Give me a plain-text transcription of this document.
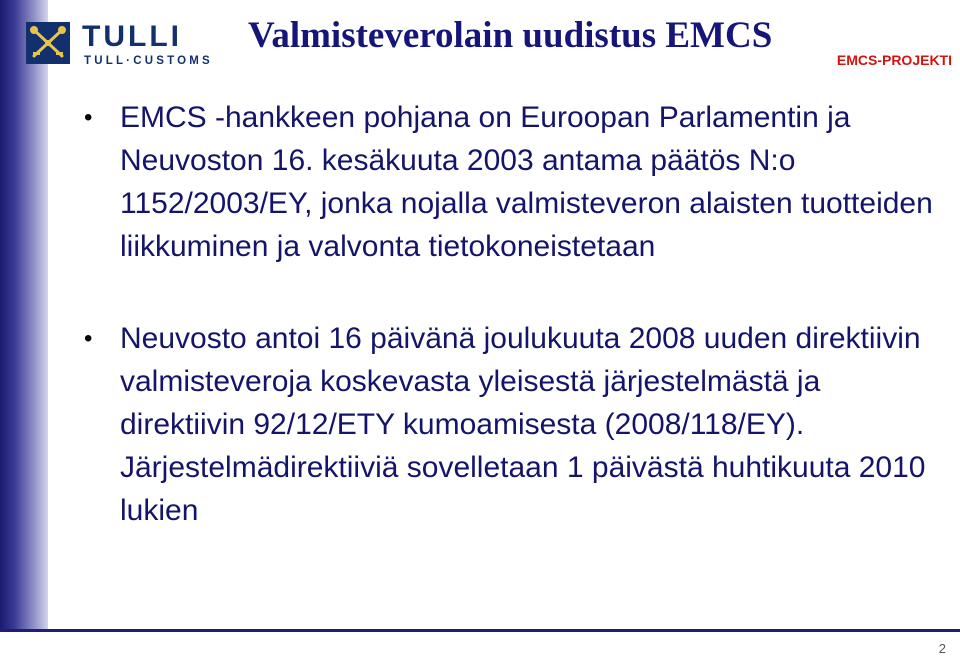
TULLI
TULL·CUSTOMS
Valmisteverolain uudistus EMCS
EMCS-PROJEKTI
• EMCS -hankkeen pohjana on Euroopan Parlamentin ja Neuvoston 16. kesäkuuta 2003 antama päätös N:o 1152/2003/EY, jonka nojalla valmisteveron alaisten tuotteiden liikkuminen ja valvonta tietokoneistetaan
• Neuvosto antoi 16 päivänä joulukuuta 2008 uuden direktiivin valmisteveroja koskevasta yleisestä järjestelmästä ja direktiivin 92/12/ETY kumoamisesta (2008/118/EY). Järjestelmädirektiiviä sovelletaan 1 päivästä huhtikuuta 2010 lukien
2
